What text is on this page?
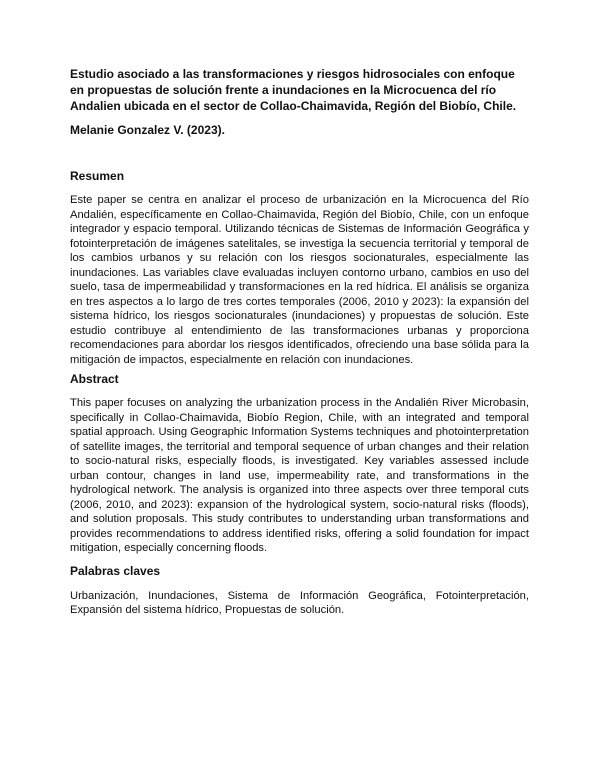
Estudio asociado a las transformaciones y riesgos hidrosociales con enfoque en propuestas de solución frente a inundaciones en la Microcuenca del río Andalien ubicada en el sector de Collao-Chaimavida, Región del Biobío, Chile.

Melanie Gonzalez V. (2023).
Resumen

Este paper se centra en analizar el proceso de urbanización en la Microcuenca del Río Andalién, específicamente en Collao-Chaimavida, Región del Biobío, Chile, con un enfoque integrador y espacio temporal. Utilizando técnicas de Sistemas de Información Geográfica y fotointerpretación de imágenes satelitales, se investiga la secuencia territorial y temporal de los cambios urbanos y su relación con los riesgos socionaturales, especialmente las inundaciones. Las variables clave evaluadas incluyen contorno urbano, cambios en uso del suelo, tasa de impermeabilidad y transformaciones en la red hídrica. El análisis se organiza en tres aspectos a lo largo de tres cortes temporales (2006, 2010 y 2023): la expansión del sistema hídrico, los riesgos socionaturales (inundaciones) y propuestas de solución. Este estudio contribuye al entendimiento de las transformaciones urbanas y proporciona recomendaciones para abordar los riesgos identificados, ofreciendo una base sólida para la mitigación de impactos, especialmente en relación con inundaciones.

Abstract

This paper focuses on analyzing the urbanization process in the Andalién River Microbasin, specifically in Collao-Chaimavida, Biobío Region, Chile, with an integrated and temporal spatial approach. Using Geographic Information Systems techniques and photointerpretation of satellite images, the territorial and temporal sequence of urban changes and their relation to socio-natural risks, especially floods, is investigated. Key variables assessed include urban contour, changes in land use, impermeability rate, and transformations in the hydrological network. The analysis is organized into three aspects over three temporal cuts (2006, 2010, and 2023): expansion of the hydrological system, socio-natural risks (floods), and solution proposals. This study contributes to understanding urban transformations and provides recommendations to address identified risks, offering a solid foundation for impact mitigation, especially concerning floods.

Palabras claves

Urbanización, Inundaciones, Sistema de Información Geográfica, Fotointerpretación, Expansión del sistema hídrico, Propuestas de solución.
